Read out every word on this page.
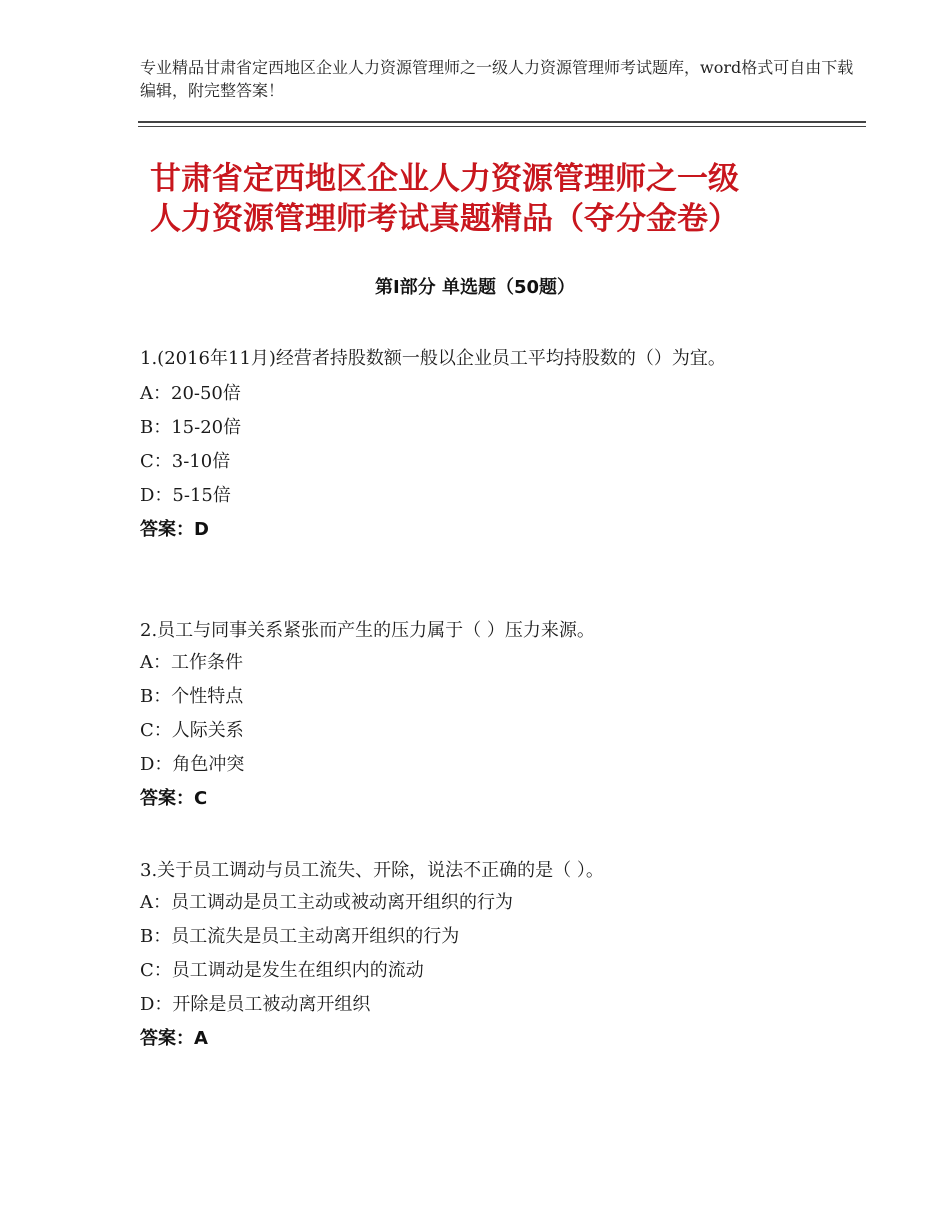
专业精品甘肃省定西地区企业人力资源管理师之一级人力资源管理师考试题库，word格式可自由下载编辑，附完整答案！
甘肃省定西地区企业人力资源管理师之一级
人力资源管理师考试真题精品（夺分金卷）
第Ⅰ部分 单选题（50题）

1.(2016年11月)经营者持股数额一般以企业员工平均持股数的（）为宜。

A：20-50倍
B：15-20倍
C：3-10倍
D：5-15倍
答案：D

2.员工与同事关系紧张而产生的压力属于（ ）压力来源。

A：工作条件
B：个性特点
C：人际关系
D：角色冲突
答案：C

3.关于员工调动与员工流失、开除，说法不正确的是（ ）。

A：员工调动是员工主动或被动离开组织的行为
B：员工流失是员工主动离开组织的行为
C：员工调动是发生在组织内的流动
D：开除是员工被动离开组织
答案：A
